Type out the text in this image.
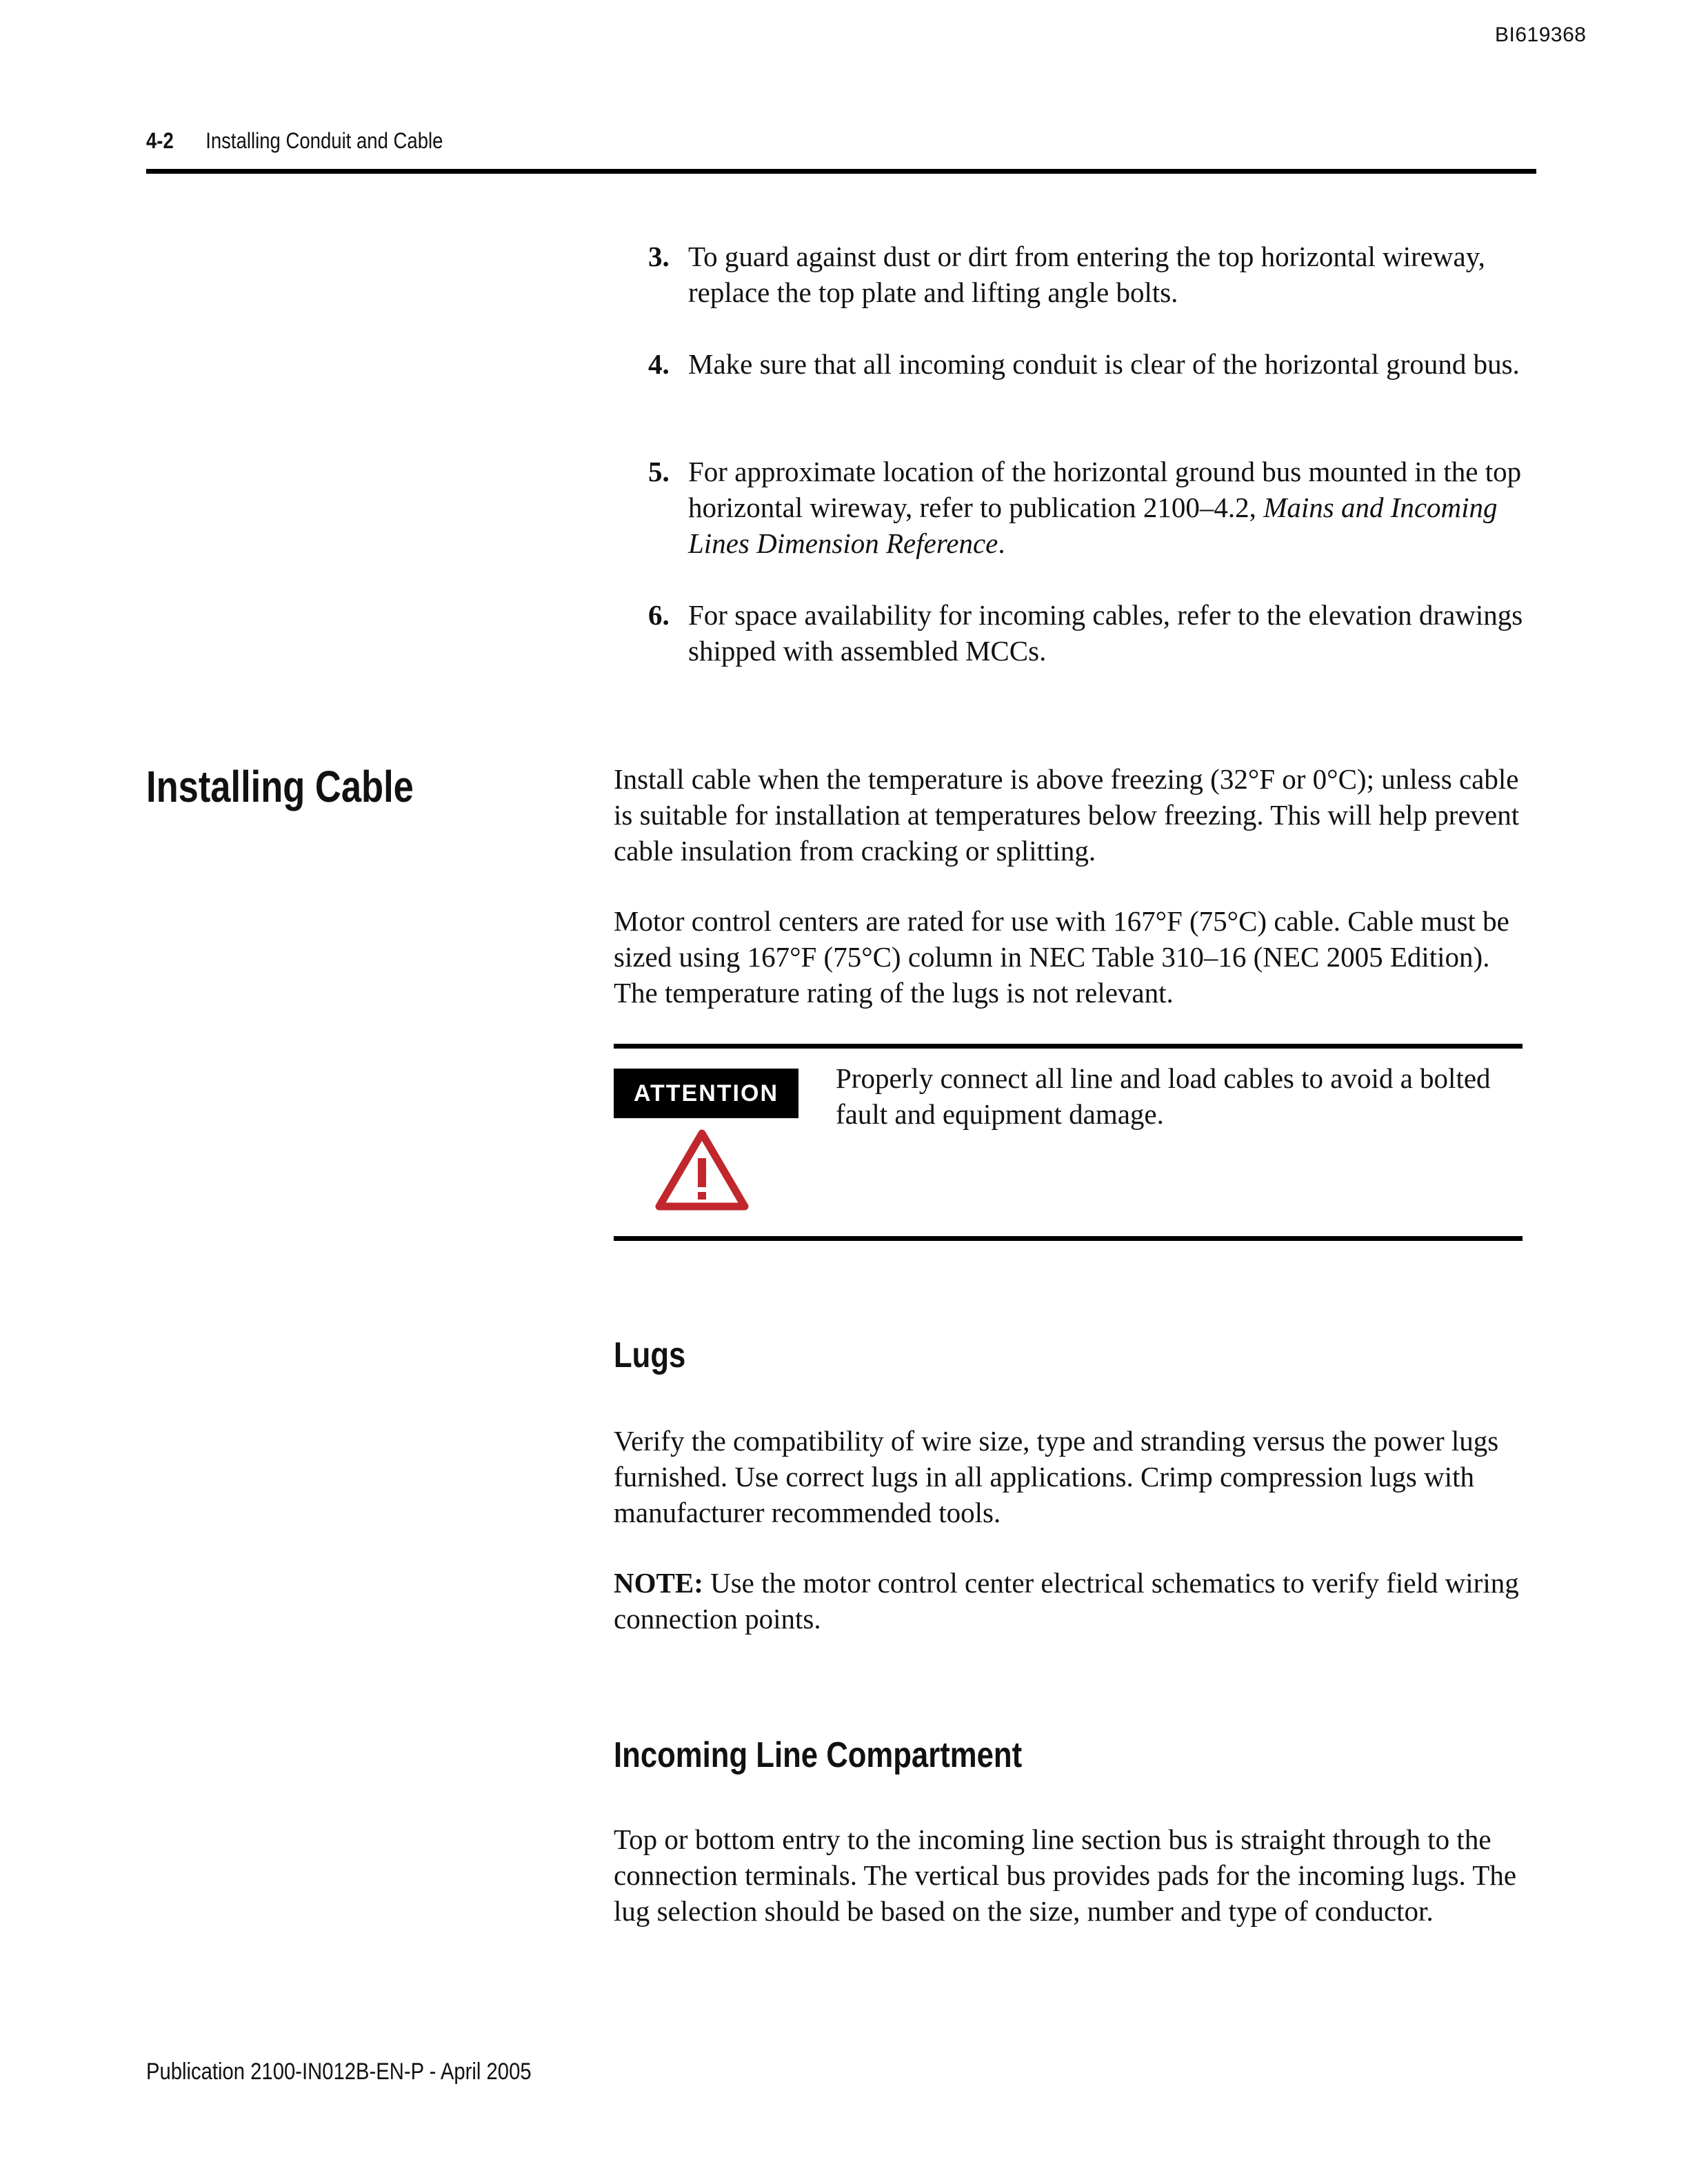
BI619368
4-2 Installing Conduit and Cable
3. To guard against dust or dirt from entering the top horizontal wireway, replace the top plate and lifting angle bolts.
4. Make sure that all incoming conduit is clear of the horizontal ground bus.
5. For approximate location of the horizontal ground bus mounted in the top horizontal wireway, refer to publication 2100–4.2, Mains and Incoming Lines Dimension Reference.
6. For space availability for incoming cables, refer to the elevation drawings shipped with assembled MCCs.
Installing Cable	Install cable when the temperature is above freezing (32°F or 0°C); unless cable is suitable for installation at temperatures below freezing. This will help prevent cable insulation from cracking or splitting.

Motor control centers are rated for use with 167°F (75°C) cable. Cable must be sized using 167°F (75°C) column in NEC Table 310–16 (NEC 2005 Edition). The temperature rating of the lugs is not relevant.

ATTENTION	Properly connect all line and load cables to avoid a bolted fault and equipment damage.
Lugs

Verify the compatibility of wire size, type and stranding versus the power lugs furnished. Use correct lugs in all applications. Crimp compression lugs with manufacturer recommended tools.

NOTE: Use the motor control center electrical schematics to verify field wiring connection points.

Incoming Line Compartment

Top or bottom entry to the incoming line section bus is straight through to the connection terminals. The vertical bus provides pads for the incoming lugs. The lug selection should be based on the size, number and type of conductor.

Publication 2100-IN012B-EN-P - April 2005
